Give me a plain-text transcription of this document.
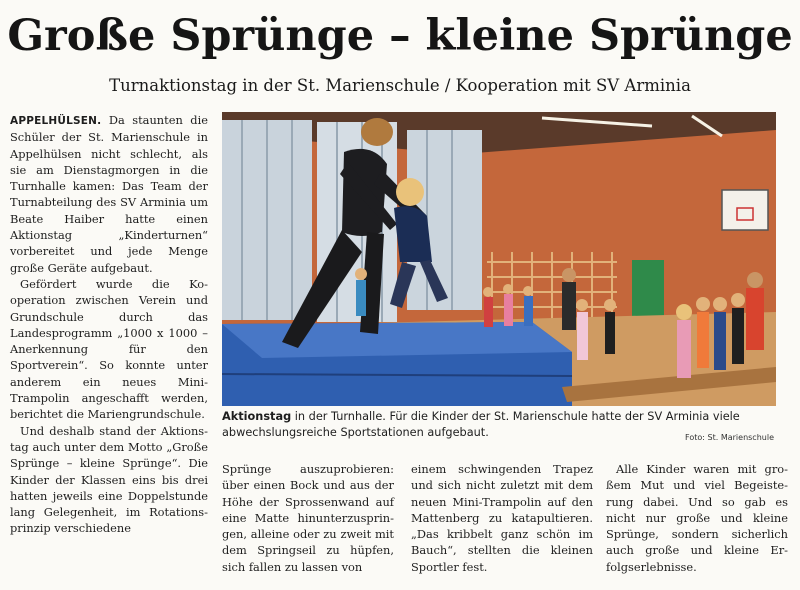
Große Sprünge – kleine Sprünge
Turnaktionstag in der St. Marienschule / Kooperation mit SV Arminia

APPELHÜLSEN. Da staunten die Schüler der St. Marienschule in Appelhülsen nicht schlecht, als sie am Dienstagmorgen in die Turnhalle kamen: Das Team der Turnabteilung des SV Arminia um Beate Haiber hatte einen Aktionstag „Kinderturnen“ vorbereitet und jede Menge große Geräte aufgebaut.

Gefördert wurde die Kooperation zwischen Verein und Grundschule durch das Landesprogramm „1000 x 1000 – Anerkennung für den Sportverein“. So konnte unter anderem ein neues Mini-Trampolin angeschafft werden, berichtet die Mariengrundschule.

Und deshalb stand der Aktionstag auch unter dem Motto „Große Sprünge – kleine Sprünge“. Die Kinder der Klassen eins bis drei hatten jeweils eine Doppelstunde lang Gelegenheit, im Rotationsprinzip verschiedene

Aktionstag in der Turnhalle. Für die Kinder der St. Marienschule hatte der SV Arminia viele abwechslungsreiche Sportstationen aufgebaut.	Foto: St. Marienschule

Sprünge auszuprobieren: über einen Bock und aus der Höhe der Sprossenwand auf eine Matte hinunterzuspringen, alleine oder zu zweit mit dem Springseil zu hüpfen, sich fallen zu lassen von

einem schwingenden Trapez und sich nicht zuletzt mit dem neuen Mini-Trampolin auf den Mattenberg zu katapultieren. „Das kribbelt ganz schön im Bauch“, stellten die kleinen Sportler fest.

Alle Kinder waren mit großem Mut und viel Begeisterung dabei. Und so gab es nicht nur große und kleine Sprünge, sondern sicherlich auch große und kleine Erfolgserlebnisse.
